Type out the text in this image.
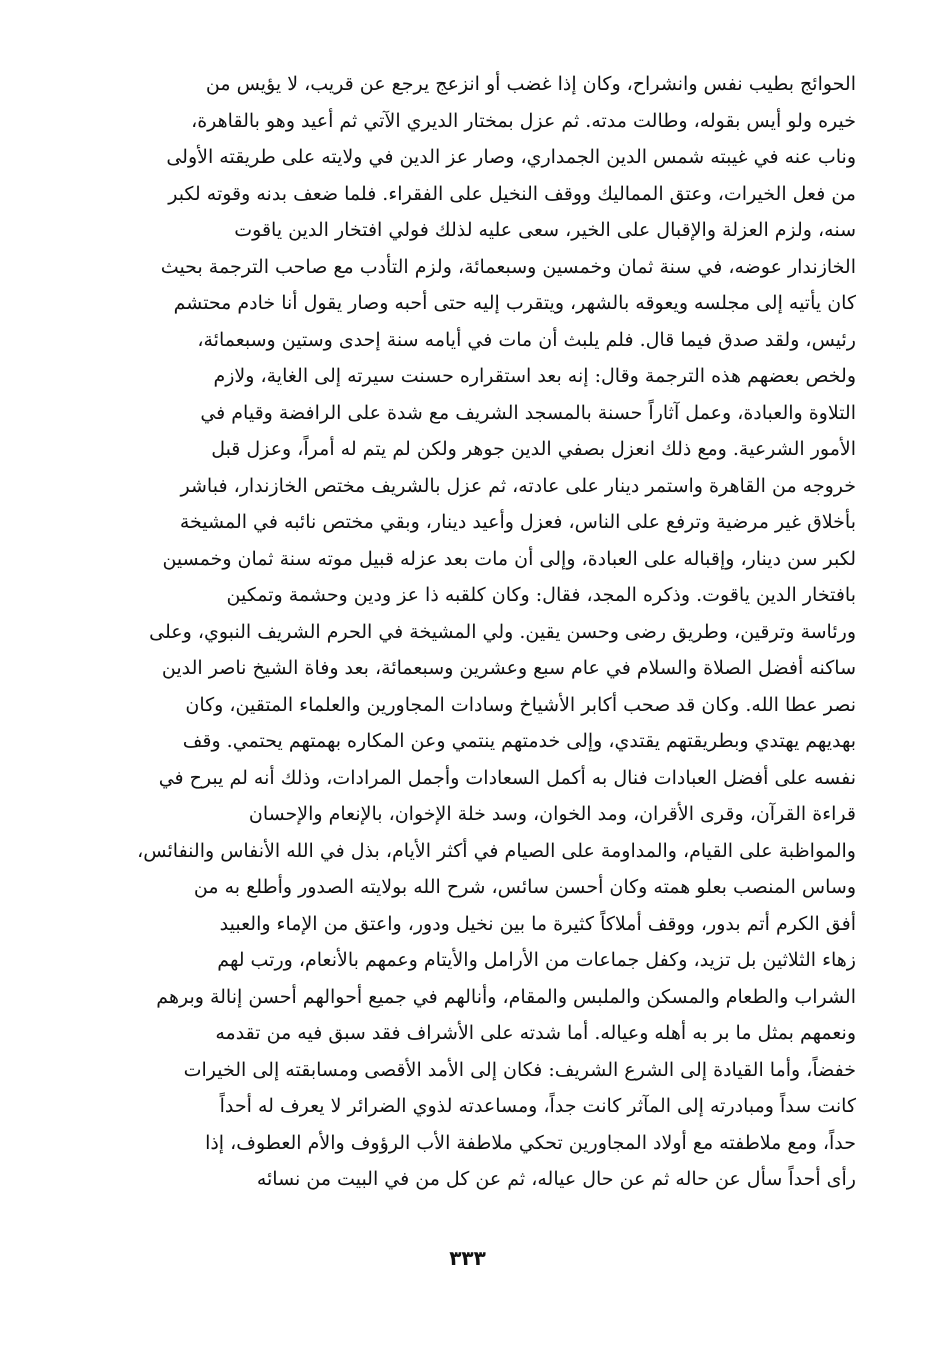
الحوائج بطيب نفس وانشراح، وكان إذا غضب أو انزعج يرجع عن قريب، لا يؤيس من
خيره ولو أيس بقوله، وطالت مدته. ثم عزل بمختار الديري الآتي ثم أعيد وهو بالقاهرة،
وناب عنه في غيبته شمس الدين الجمداري، وصار عز الدين في ولايته على طريقته الأولى
من فعل الخيرات، وعتق المماليك ووقف النخيل على الفقراء. فلما ضعف بدنه وقوته لكبر
سنه، ولزم العزلة والإقبال على الخير، سعى عليه لذلك فولي افتخار الدين ياقوت
الخازندار عوضه، في سنة ثمان وخمسين وسبعمائة، ولزم التأدب مع صاحب الترجمة بحيث
كان يأتيه إلى مجلسه ويعوقه بالشهر، ويتقرب إليه حتى أحبه وصار يقول أنا خادم محتشم
رئيس، ولقد صدق فيما قال. فلم يلبث أن مات في أيامه سنة إحدى وستين وسبعمائة،
ولخص بعضهم هذه الترجمة وقال: إنه بعد استقراره حسنت سيرته إلى الغاية، ولازم
التلاوة والعبادة، وعمل آثاراً حسنة بالمسجد الشريف مع شدة على الرافضة وقيام في
الأمور الشرعية. ومع ذلك انعزل بصفي الدين جوهر ولكن لم يتم له أمراً، وعزل قبل
خروجه من القاهرة واستمر دينار على عادته، ثم عزل بالشريف مختص الخازندار، فباشر
بأخلاق غير مرضية وترفع على الناس، فعزل وأعيد دينار، وبقي مختص نائبه في المشيخة
لكبر سن دينار، وإقباله على العبادة، وإلى أن مات بعد عزله قبيل موته سنة ثمان وخمسين
بافتخار الدين ياقوت. وذكره المجد، فقال: وكان كلقبه ذا عز ودين وحشمة وتمكين
ورئاسة وترقين، وطريق رضى وحسن يقين. ولي المشيخة في الحرم الشريف النبوي، وعلى
ساكنه أفضل الصلاة والسلام في عام سبع وعشرين وسبعمائة، بعد وفاة الشيخ ناصر الدين
نصر عطا الله. وكان قد صحب أكابر الأشياخ وسادات المجاورين والعلماء المتقين، وكان
بهديهم يهتدي وبطريقتهم يقتدي، وإلى خدمتهم ينتمي وعن المكاره بهمتهم يحتمي. وقف
نفسه على أفضل العبادات فنال به أكمل السعادات وأجمل المرادات، وذلك أنه لم يبرح في
قراءة القرآن، وقرى الأقران، ومد الخوان، وسد خلة الإخوان، بالإنعام والإحسان
والمواظبة على القيام، والمداومة على الصيام في أكثر الأيام، بذل في الله الأنفاس والنفائس،
وساس المنصب بعلو همته وكان أحسن سائس، شرح الله بولايته الصدور وأطلع به من
أفق الكرم أتم بدور، ووقف أملاكاً كثيرة ما بين نخيل ودور، واعتق من الإماء والعبيد
زهاء الثلاثين بل تزيد، وكفل جماعات من الأرامل والأيتام وعمهم بالأنعام، ورتب لهم
الشراب والطعام والمسكن والملبس والمقام، وأنالهم في جميع أحوالهم أحسن إنالة وبرهم
ونعمهم بمثل ما بر به أهله وعياله. أما شدته على الأشراف فقد سبق فيه من تقدمه
خفضاً، وأما القيادة إلى الشرع الشريف: فكان إلى الأمد الأقصى ومسابقته إلى الخيرات
كانت سداً ومبادرته إلى المآثر كانت جداً، ومساعدته لذوي الضرائر لا يعرف له أحداً
حداً، ومع ملاطفته مع أولاد المجاورين تحكي ملاطفة الأب الرؤوف والأم العطوف، إذا
رأى أحداً سأل عن حاله ثم عن حال عياله، ثم عن كل من في البيت من نسائه
٣٣٣
